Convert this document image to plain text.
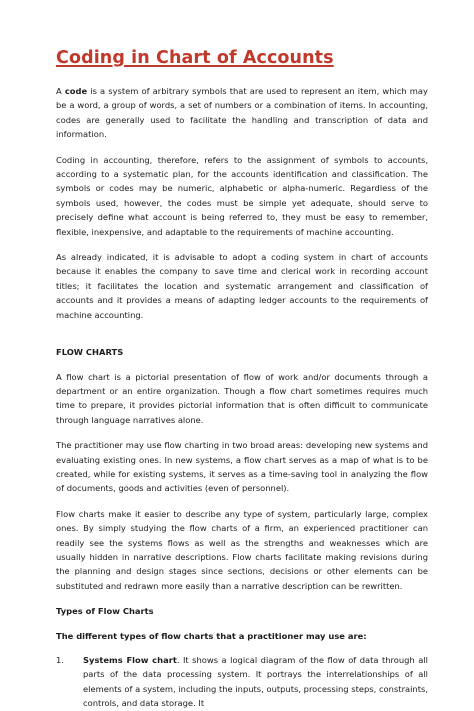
Coding in Chart of Accounts

A code is a system of arbitrary symbols that are used to represent an item, which may be a word, a group of words, a set of numbers or a combination of items. In accounting, codes are generally used to facilitate the handling and transcription of data and information.

Coding in accounting, therefore, refers to the assignment of symbols to accounts, according to a systematic plan, for the accounts identification and classification. The symbols or codes may be numeric, alphabetic or alpha-numeric. Regardless of the symbols used, however, the codes must be simple yet adequate, should serve to precisely define what account is being referred to, they must be easy to remember, flexible, inexpensive, and adaptable to the requirements of machine accounting.

As already indicated, it is advisable to adopt a coding system in chart of accounts because it enables the company to save time and clerical work in recording account titles; it facilitates the location and systematic arrangement and classification of accounts and it provides a means of adapting ledger accounts to the requirements of machine accounting.

FLOW CHARTS

A flow chart is a pictorial presentation of flow of work and/or documents through a department or an entire organization. Though a flow chart sometimes requires much time to prepare, it provides pictorial information that is often difficult to communicate through language narratives alone.

The practitioner may use flow charting in two broad areas: developing new systems and evaluating existing ones. In new systems, a flow chart serves as a map of what is to be created, while for existing systems, it serves as a time-saving tool in analyzing the flow of documents, goods and activities (even of personnel).

Flow charts make it easier to describe any type of system, particularly large, complex ones. By simply studying the flow charts of a firm, an experienced practitioner can readily see the systems flows as well as the strengths and weaknesses which are usually hidden in narrative descriptions. Flow charts facilitate making revisions during the planning and design stages since sections, decisions or other elements can be substituted and redrawn more easily than a narrative description can be rewritten.

Types of Flow Charts
The different types of flow charts that a practitioner may use are:
1. Systems Flow chart. It shows a logical diagram of the flow of data through all parts of the data processing system. It portrays the interrelationships of all elements of a system, including the inputs, outputs, processing steps, constraints, controls, and data storage. It
